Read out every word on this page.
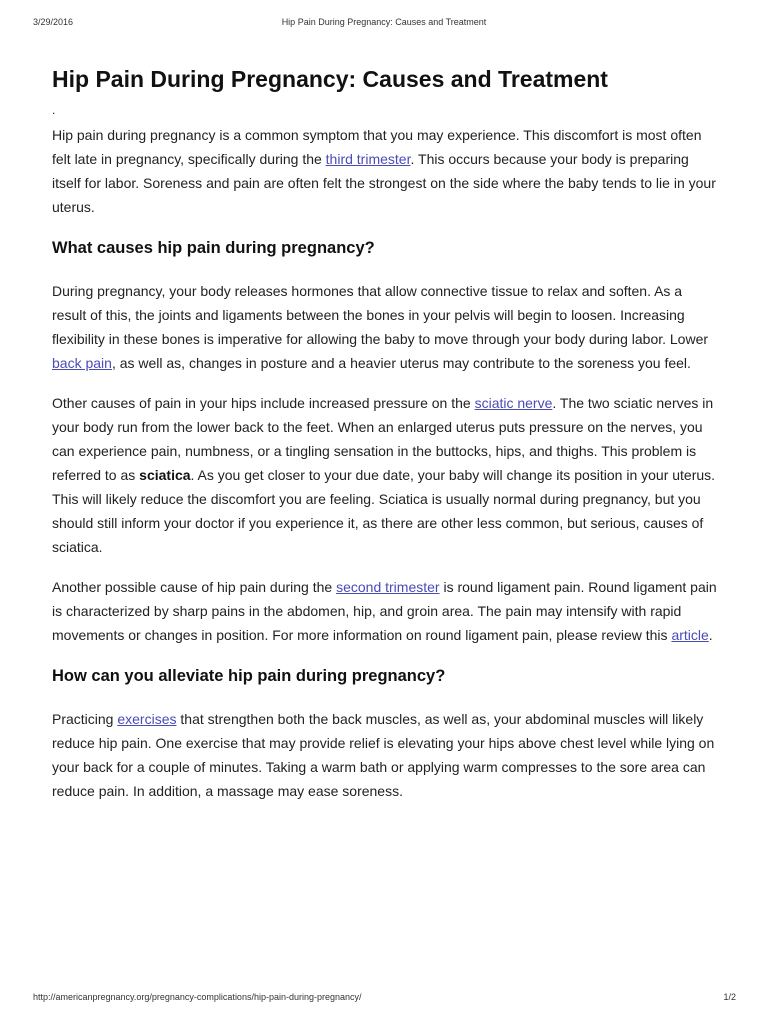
3/29/2016	Hip Pain During Pregnancy: Causes and Treatment
Hip Pain During Pregnancy: Causes and Treatment
.

Hip pain during pregnancy is a common symptom that you may experience. This discomfort is most often felt late in pregnancy, specifically during the third trimester. This occurs because your body is preparing itself for labor. Soreness and pain are often felt the strongest on the side where the baby tends to lie in your uterus.

What causes hip pain during pregnancy?

During pregnancy, your body releases hormones that allow connective tissue to relax and soften. As a result of this, the joints and ligaments between the bones in your pelvis will begin to loosen. Increasing flexibility in these bones is imperative for allowing the baby to move through your body during labor. Lower back pain, as well as, changes in posture and a heavier uterus may contribute to the soreness you feel.

Other causes of pain in your hips include increased pressure on the sciatic nerve. The two sciatic nerves in your body run from the lower back to the feet. When an enlarged uterus puts pressure on the nerves, you can experience pain, numbness, or a tingling sensation in the buttocks, hips, and thighs. This problem is referred to as sciatica. As you get closer to your due date, your baby will change its position in your uterus. This will likely reduce the discomfort you are feeling. Sciatica is usually normal during pregnancy, but you should still inform your doctor if you experience it, as there are other less common, but serious, causes of sciatica.

Another possible cause of hip pain during the second trimester is round ligament pain. Round ligament pain is characterized by sharp pains in the abdomen, hip, and groin area. The pain may intensify with rapid movements or changes in position. For more information on round ligament pain, please review this article.

How can you alleviate hip pain during pregnancy?

Practicing exercises that strengthen both the back muscles, as well as, your abdominal muscles will likely reduce hip pain. One exercise that may provide relief is elevating your hips above chest level while lying on your back for a couple of minutes. Taking a warm bath or applying warm compresses to the sore area can reduce pain. In addition, a massage may ease soreness.

http://americanpregnancy.org/pregnancy-complications/hip-pain-during-pregnancy/	1/2
